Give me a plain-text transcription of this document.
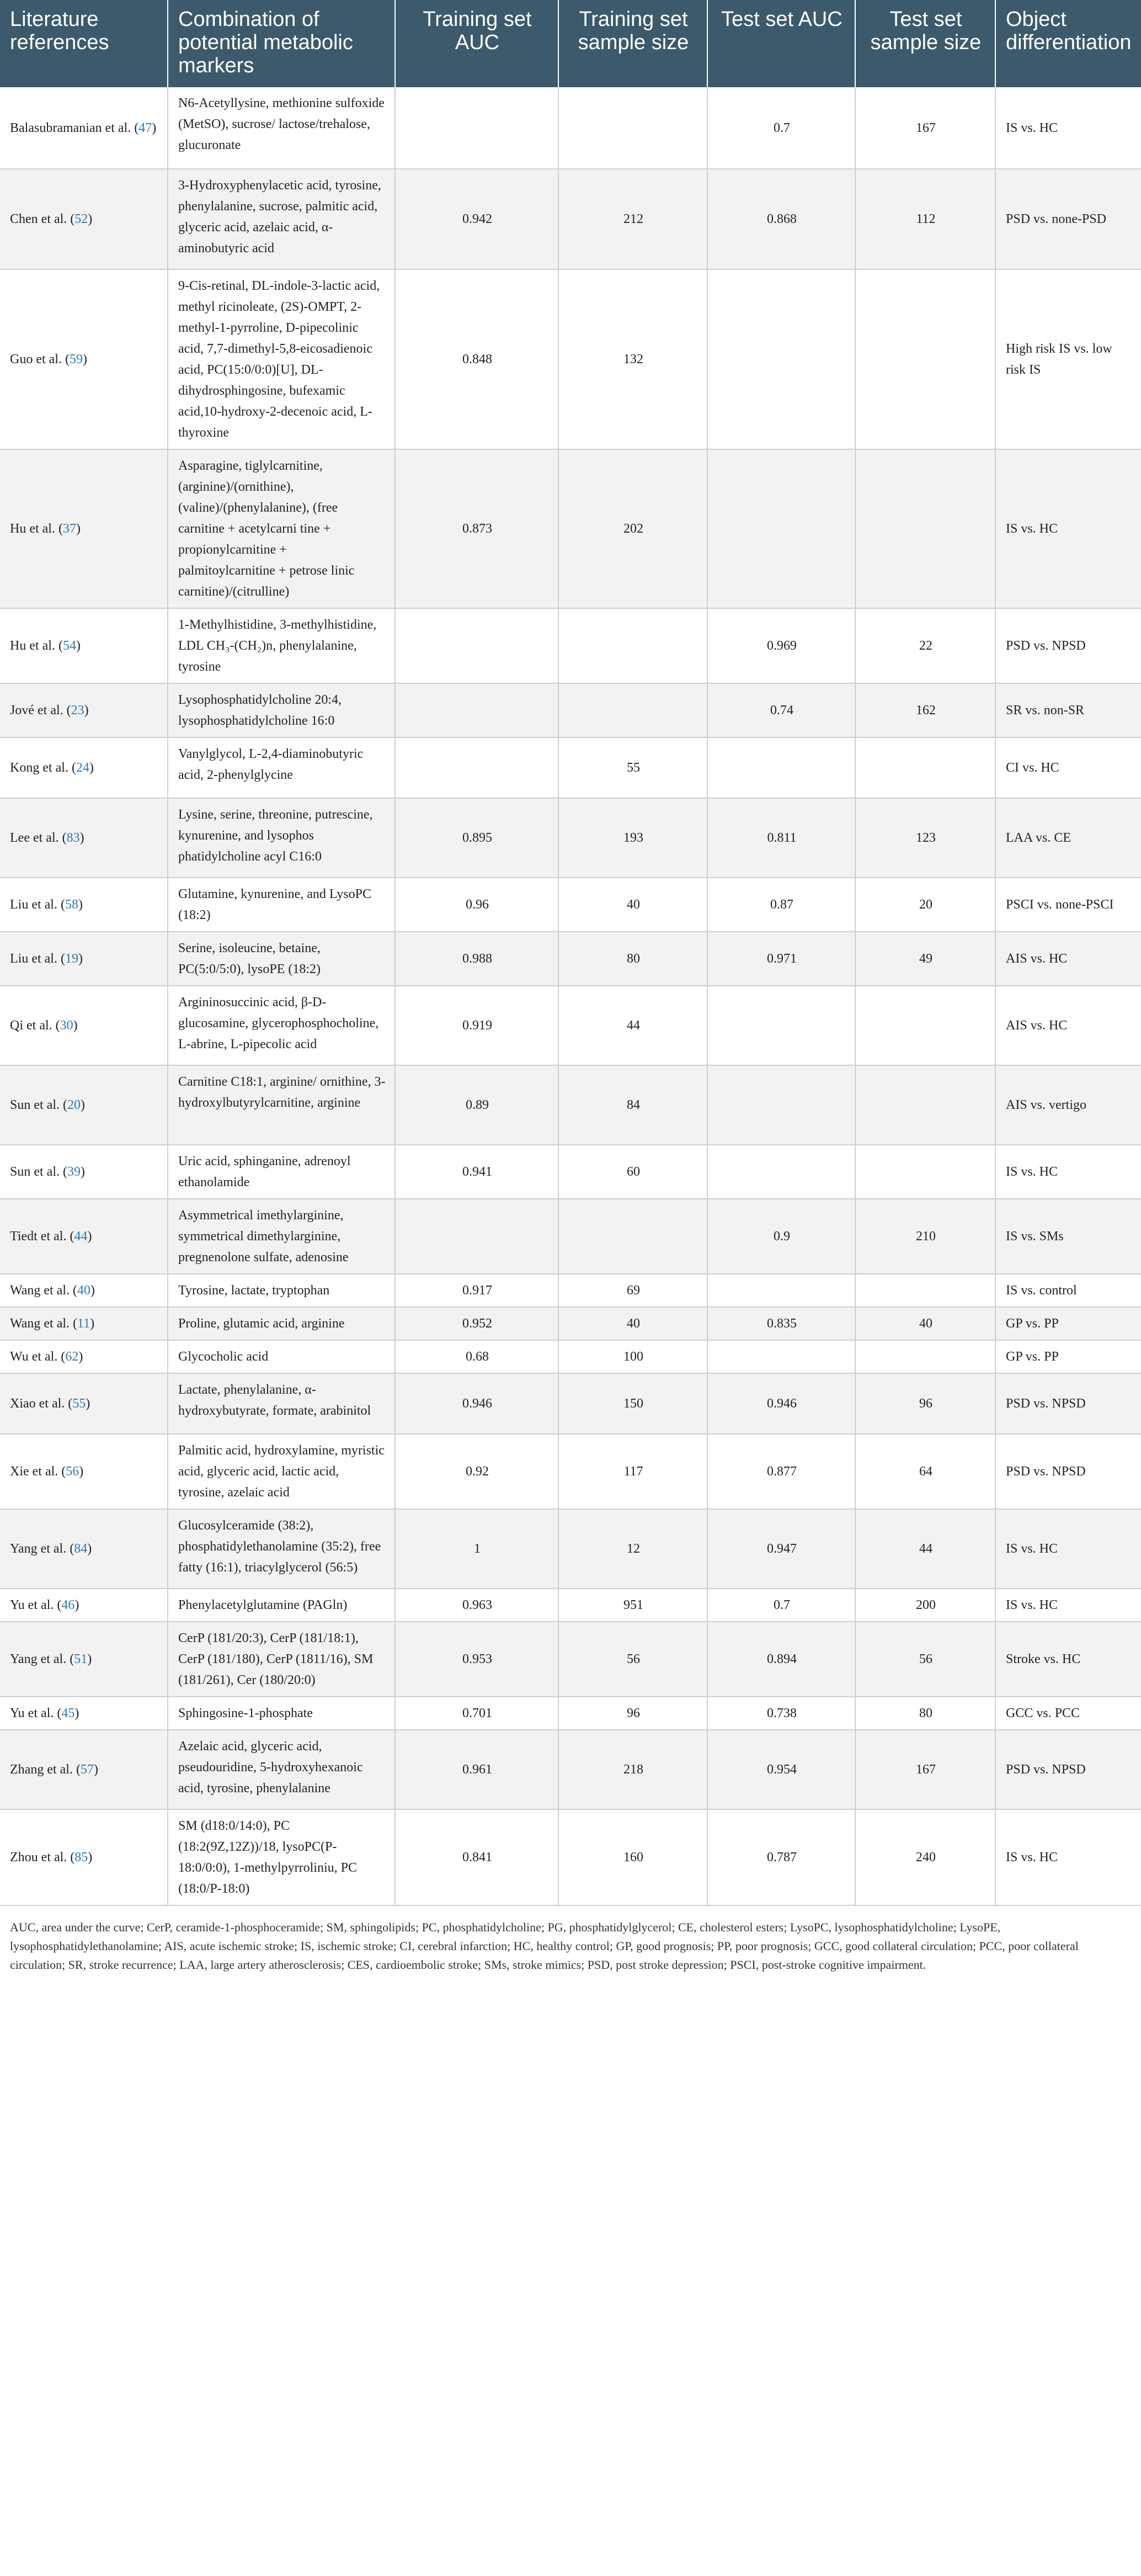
Literature references	Combination of potential metabolic markers	Training set AUC	Training set sample size	Test set AUC	Test set sample size	Object differentiation
Balasubramanian et al. (47)	N6-Acetyllysine, methionine sulfoxide (MetSO), sucrose/ lactose/trehalose, glucuronate			0.7	167	IS vs. HC
Chen et al. (52)	3-Hydroxyphenylacetic acid, tyrosine, phenylalanine, sucrose, palmitic acid, glyceric acid, azelaic acid, α-aminobutyric acid	0.942	212	0.868	112	PSD vs. none-PSD
Guo et al. (59)	9-Cis-retinal, DL-indole-3-lactic acid, methyl ricinoleate, (2S)-OMPT, 2-methyl-1-pyrroline, D-pipecolinic acid, 7,7-dimethyl-5,8-eicosadienoic acid, PC(15:0/0:0)[U], DL-dihydrosphingosine, bufexamic acid,10-hydroxy-2-decenoic acid, L-thyroxine	0.848	132			High risk IS vs. low risk IS
Hu et al. (37)	Asparagine, tiglylcarnitine, (arginine)/(ornithine), (valine)/(phenylalanine), (free carnitine + acetylcarni tine + propionylcarnitine + palmitoylcarnitine + petrose linic carnitine)/(citrulline)	0.873	202			IS vs. HC
Hu et al. (54)	1-Methylhistidine, 3-methylhistidine, LDL CH₃-(CH₂)n, phenylalanine, tyrosine			0.969	22	PSD vs. NPSD
Jové et al. (23)	Lysophosphatidylcholine 20:4, lysophosphatidylcholine 16:0			0.74	162	SR vs. non-SR
Kong et al. (24)	Vanylglycol, L-2,4-diaminobutyric acid, 2-phenylglycine		55			CI vs. HC
Lee et al. (83)	Lysine, serine, threonine, putrescine, kynurenine, and lysophos phatidylcholine acyl C16:0	0.895	193	0.811	123	LAA vs. CE
Liu et al. (58)	Glutamine, kynurenine, and LysoPC (18:2)	0.96	40	0.87	20	PSCI vs. none-PSCI
Liu et al. (19)	Serine, isoleucine, betaine, PC(5:0/5:0), lysoPE (18:2)	0.988	80	0.971	49	AIS vs. HC
Qi et al. (30)	Argininosuccinic acid, β-D-glucosamine, glycerophosphocholine, L-abrine, L-pipecolic acid	0.919	44			AIS vs. HC
Sun et al. (20)	Carnitine C18:1, arginine/ ornithine, 3-hydroxylbutyrylcarnitine, arginine	0.89	84			AIS vs. vertigo
Sun et al. (39)	Uric acid, sphinganine, adrenoyl ethanolamide	0.941	60			IS vs. HC
Tiedt et al. (44)	Asymmetrical imethylarginine, symmetrical dimethylarginine, pregnenolone sulfate, adenosine			0.9	210	IS vs. SMs
Wang et al. (40)	Tyrosine, lactate, tryptophan	0.917	69			IS vs. control
Wang et al. (11)	Proline, glutamic acid, arginine	0.952	40	0.835	40	GP vs. PP
Wu et al. (62)	Glycocholic acid	0.68	100			GP vs. PP
Xiao et al. (55)	Lactate, phenylalanine, α-hydroxybutyrate, formate, arabinitol	0.946	150	0.946	96	PSD vs. NPSD
Xie et al. (56)	Palmitic acid, hydroxylamine, myristic acid, glyceric acid, lactic acid, tyrosine, azelaic acid	0.92	117	0.877	64	PSD vs. NPSD
Yang et al. (84)	Glucosylceramide (38:2), phosphatidylethanolamine (35:2), free fatty (16:1), triacylglycerol (56:5)	1	12	0.947	44	IS vs. HC
Yu et al. (46)	Phenylacetylglutamine (PAGln)	0.963	951	0.7	200	IS vs. HC
Yang et al. (51)	CerP (181/20:3), CerP (181/18:1), CerP (181/180), CerP (1811/16), SM (181/261), Cer (180/20:0)	0.953	56	0.894	56	Stroke vs. HC
Yu et al. (45)	Sphingosine-1-phosphate	0.701	96	0.738	80	GCC vs. PCC
Zhang et al. (57)	Azelaic acid, glyceric acid, pseudouridine, 5-hydroxyhexanoic acid, tyrosine, phenylalanine	0.961	218	0.954	167	PSD vs. NPSD
Zhou et al. (85)	SM (d18:0/14:0), PC (18:2(9Z,12Z))/18, lysoPC(P-18:0/0:0), 1-methylpyrroliniu, PC (18:0/P-18:0)	0.841	160	0.787	240	IS vs. HC

AUC, area under the curve; CerP, ceramide-1-phosphoceramide; SM, sphingolipids; PC, phosphatidylcholine; PG, phosphatidylglycerol; CE, cholesterol esters; LysoPC, lysophosphatidylcholine; LysoPE, lysophosphatidylethanolamine; AIS, acute ischemic stroke; IS, ischemic stroke; CI, cerebral infarction; HC, healthy control; GP, good prognosis; PP, poor prognosis; GCC, good collateral circulation; PCC, poor collateral circulation; SR, stroke recurrence; LAA, large artery atherosclerosis; CES, cardioembolic stroke; SMs, stroke mimics; PSD, post stroke depression; PSCI, post-stroke cognitive impairment.
